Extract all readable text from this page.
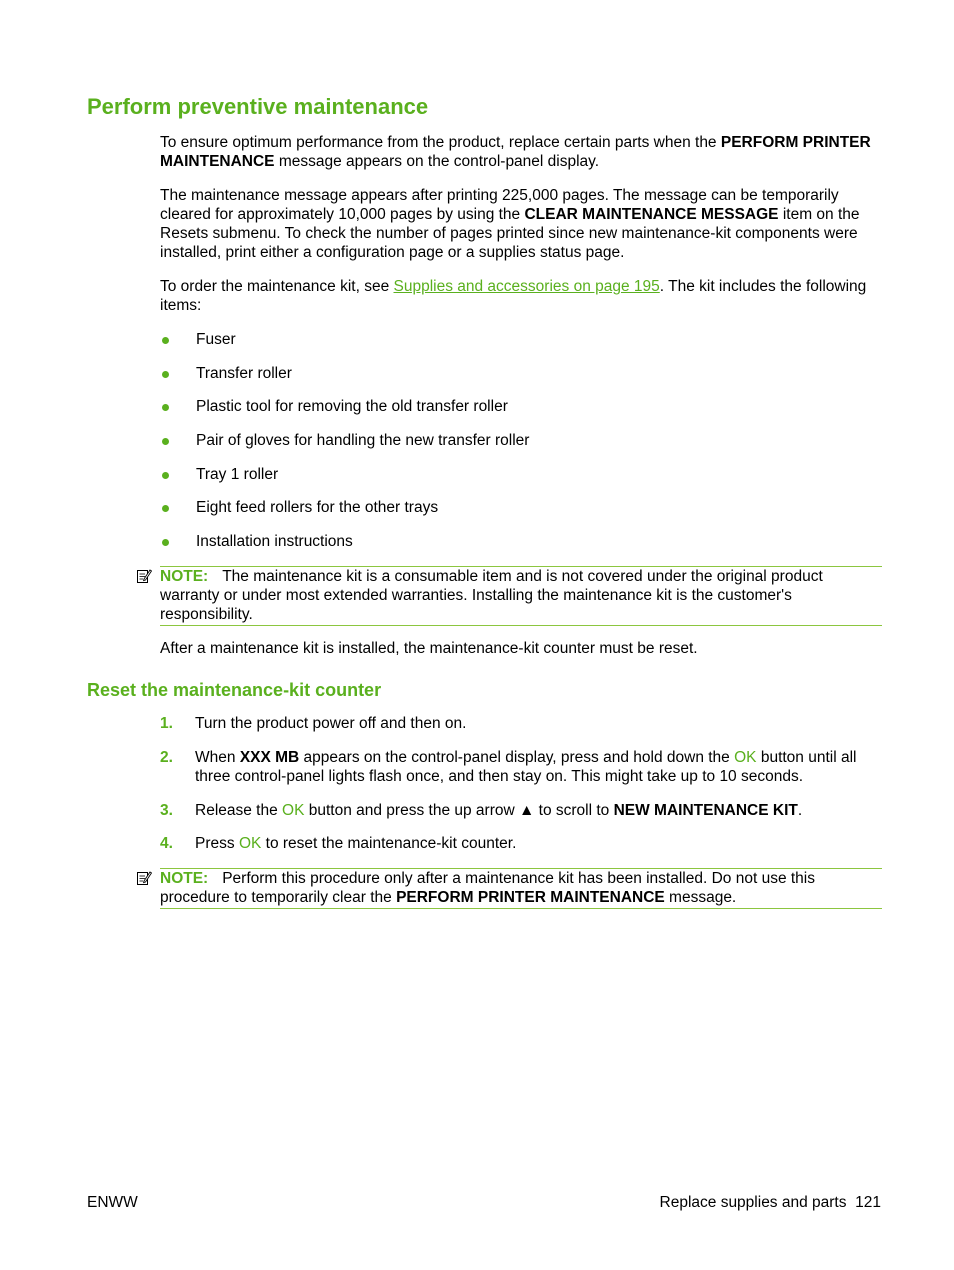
Perform preventive maintenance

To ensure optimum performance from the product, replace certain parts when the PERFORM PRINTER MAINTENANCE message appears on the control-panel display.

The maintenance message appears after printing 225,000 pages. The message can be temporarily cleared for approximately 10,000 pages by using the CLEAR MAINTENANCE MESSAGE item on the Resets submenu. To check the number of pages printed since new maintenance-kit components were installed, print either a configuration page or a supplies status page.

To order the maintenance kit, see Supplies and accessories on page 195. The kit includes the following items:

Fuser
Transfer roller
Plastic tool for removing the old transfer roller
Pair of gloves for handling the new transfer roller
Tray 1 roller
Eight feed rollers for the other trays
Installation instructions
NOTE: The maintenance kit is a consumable item and is not covered under the original product warranty or under most extended warranties. Installing the maintenance kit is the customer's responsibility.

After a maintenance kit is installed, the maintenance-kit counter must be reset.

Reset the maintenance-kit counter
1. Turn the product power off and then on.
2. When XXX MB appears on the control-panel display, press and hold down the OK button until all three control-panel lights flash once, and then stay on. This might take up to 10 seconds.
3. Release the OK button and press the up arrow ▲ to scroll to NEW MAINTENANCE KIT.
4. Press OK to reset the maintenance-kit counter.
NOTE: Perform this procedure only after a maintenance kit has been installed. Do not use this procedure to temporarily clear the PERFORM PRINTER MAINTENANCE message.
ENWW	Replace supplies and parts 121
